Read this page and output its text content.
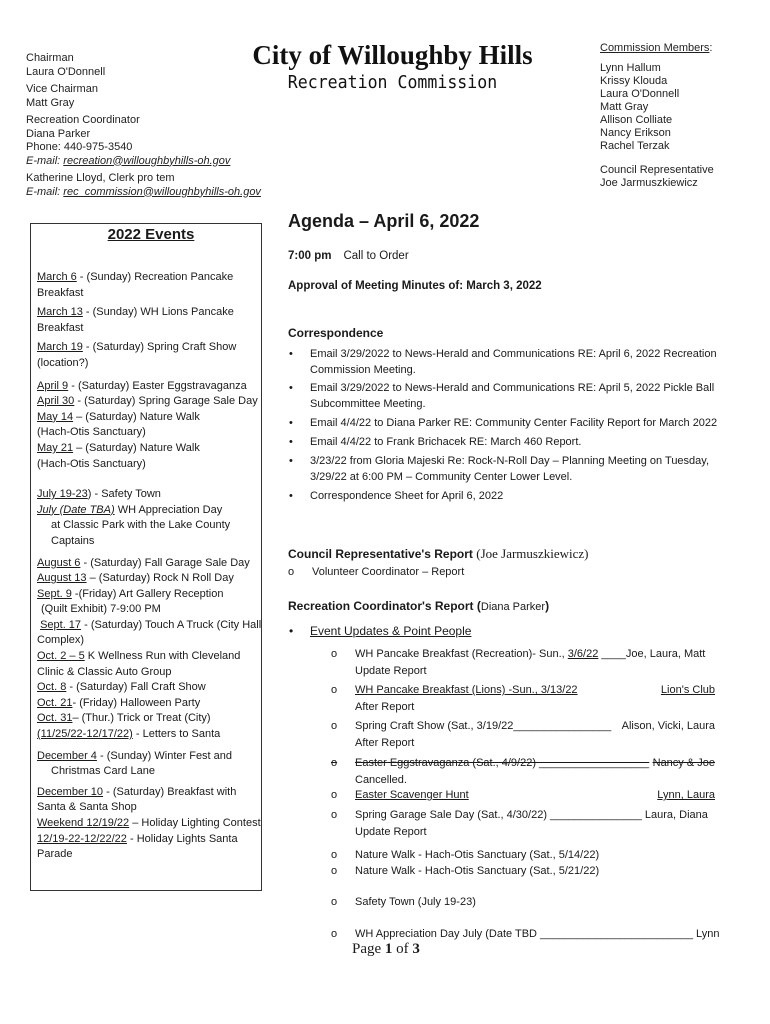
Chairman
Laura O'Donnell
Vice Chairman
Matt Gray
Recreation Coordinator
Diana Parker
Phone: 440-975-3540
E-mail: recreation@willoughbyhills-oh.gov
Katherine Lloyd, Clerk pro tem
E-mail: rec_commission@willoughbyhills-oh.gov
City of Willoughby Hills
Recreation Commission
Commission Members:
Lynn Hallum
Krissy Klouda
Laura O'Donnell
Matt Gray
Allison Colliate
Nancy Erikson
Rachel Terzak
Council Representative
Joe Jarmuszkiewicz
2022 Events
March 6 - (Sunday) Recreation Pancake Breakfast
March 13 - (Sunday) WH Lions Pancake Breakfast
March 19 - (Saturday) Spring Craft Show (location?)
April 9 - (Saturday) Easter Eggstravaganza
April 30 - (Saturday) Spring Garage Sale Day
May 14 – (Saturday) Nature Walk
(Hach-Otis Sanctuary)
May 21 – (Saturday) Nature Walk
(Hach-Otis Sanctuary)
July 19-23) - Safety Town
July (Date TBA) WH Appreciation Day
at Classic Park with the Lake County
Captains
August 6 - (Saturday) Fall Garage Sale Day
August 13 – (Saturday) Rock N Roll Day
Sept. 9 -(Friday) Art Gallery Reception
(Quilt Exhibit) 7-9:00 PM
Sept. 17 - (Saturday) Touch A Truck (City Hall Complex)
Oct. 2 – 5 K Wellness Run with Cleveland Clinic & Classic Auto Group
Oct. 8 - (Saturday) Fall Craft Show
Oct. 21- (Friday) Halloween Party
Oct. 31– (Thur.) Trick or Treat (City)
(11/25/22-12/17/22) - Letters to Santa
December 4 - (Sunday) Winter Fest and
Christmas Card Lane
December 10 - (Saturday) Breakfast with Santa & Santa Shop
Weekend 12/19/22 – Holiday Lighting Contest
12/19-22-12/22/22 - Holiday Lights Santa Parade
Agenda – April 6, 2022
7:00 pm Call to Order
Approval of Meeting Minutes of: March 3, 2022
Correspondence
• Email 3/29/2022 to News-Herald and Communications RE: April 6, 2022 Recreation Commission Meeting.
• Email 3/29/2022 to News-Herald and Communications RE: April 5, 2022 Pickle Ball Subcommittee Meeting.
• Email 4/4/22 to Diana Parker RE: Community Center Facility Report for March 2022
• Email 4/4/22 to Frank Brichacek RE: March 460 Report.
• 3/23/22 from Gloria Majeski Re: Rock-N-Roll Day – Planning Meeting on Tuesday, 3/29/22 at 6:00 PM – Community Center Lower Level.
• Correspondence Sheet for April 6, 2022
Council Representative's Report (Joe Jarmuszkiewicz)
o Volunteer Coordinator – Report
Recreation Coordinator's Report (Diana Parker)
• Event Updates & Point People
o WH Pancake Breakfast (Recreation)- Sun., 3/6/22 ____Joe, Laura, Matt
Update Report
o WH Pancake Breakfast (Lions) -Sun., 3/13/22	Lion's Club
After Report
o Spring Craft Show (Sat., 3/19/22________________ Alison, Vicki, Laura
After Report
o Easter Eggstravaganza (Sat., 4/9/22) __________________ Nancy & Joe
Cancelled.
o Easter Scavenger Hunt	Lynn, Laura
o Spring Garage Sale Day (Sat., 4/30/22) _______________ Laura, Diana
Update Report
o Nature Walk - Hach-Otis Sanctuary (Sat., 5/14/22)
o Nature Walk - Hach-Otis Sanctuary (Sat., 5/21/22)
o Safety Town (July 19-23)
o WH Appreciation Day July (Date TBD _________________________ Lynn
Page 1 of 3
